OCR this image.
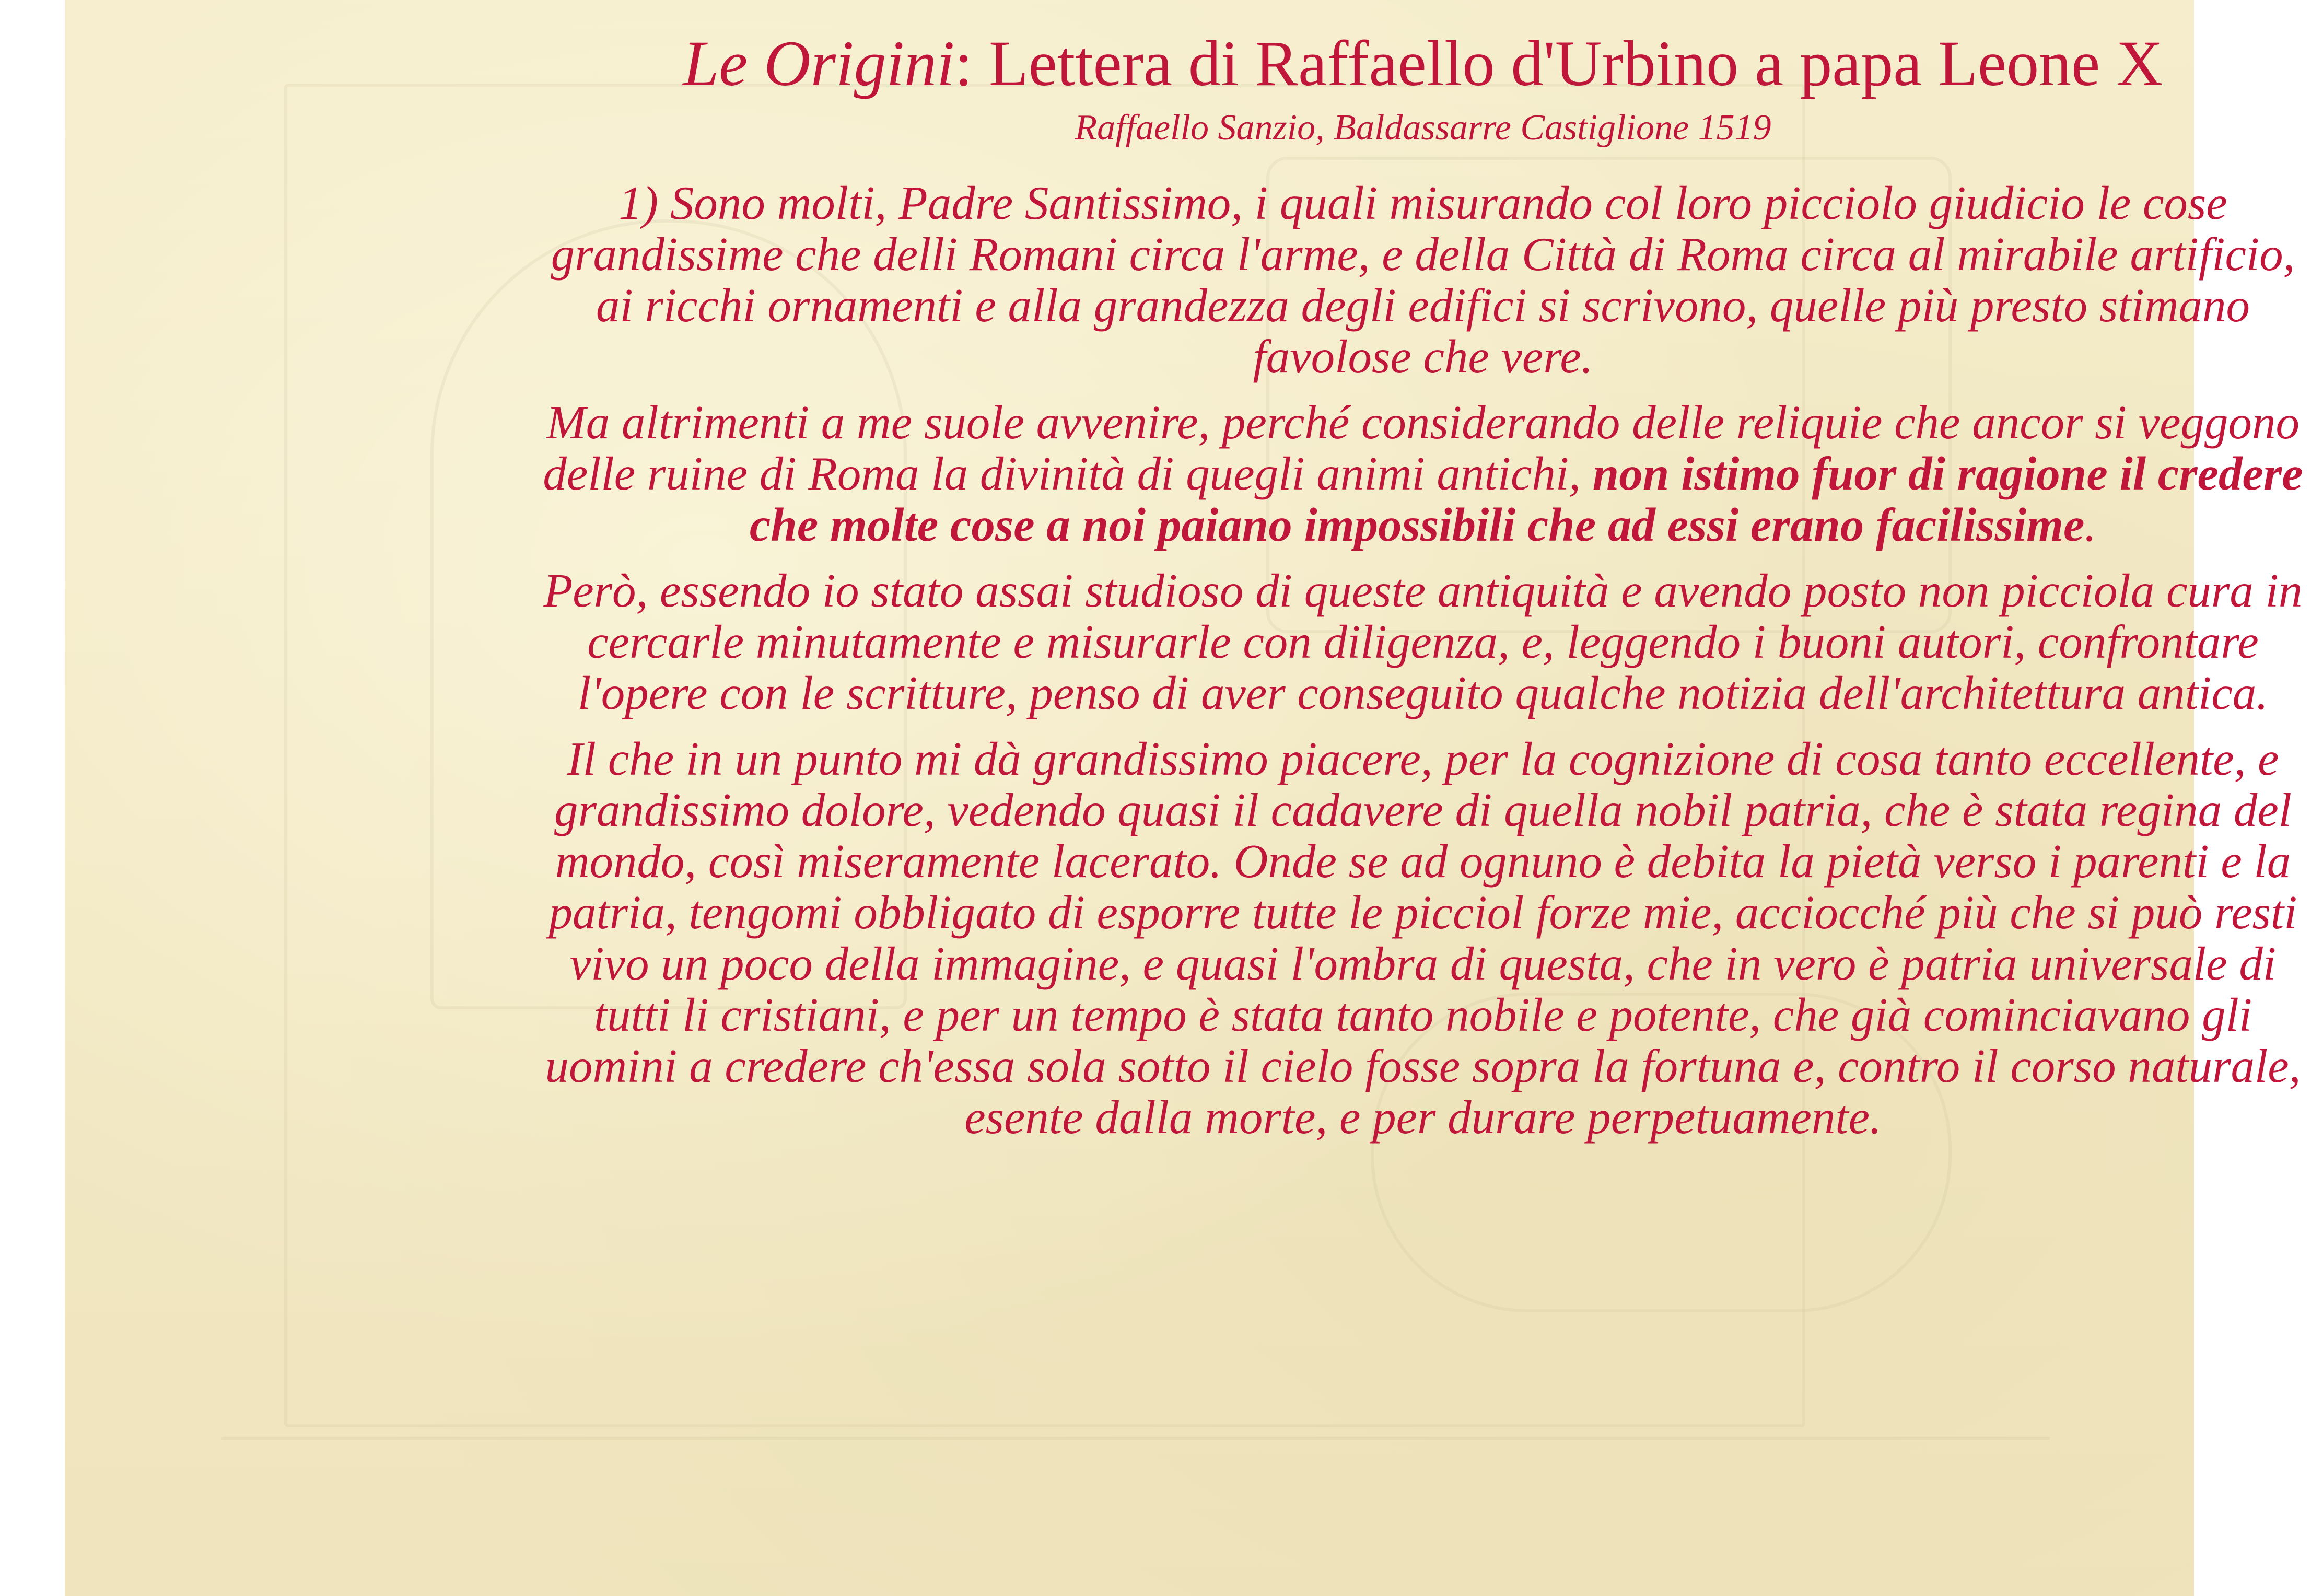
Le Origini: Lettera di Raffaello d'Urbino a papa Leone X
Raffaello Sanzio, Baldassarre Castiglione 1519

1) Sono molti, Padre Santissimo, i quali misurando col loro picciolo giudicio le cose grandissime che delli Romani circa l'arme, e della Città di Roma circa al mirabile artificio, ai ricchi ornamenti e alla grandezza degli edifici si scrivono, quelle più presto stimano favolose che vere.

Ma altrimenti a me suole avvenire, perché considerando delle reliquie che ancor si veggono delle ruine di Roma la divinità di quegli animi antichi, non istimo fuor di ragione il credere che molte cose a noi paiano impossibili che ad essi erano facilissime.

Però, essendo io stato assai studioso di queste antiquità e avendo posto non picciola cura in cercarle minutamente e misurarle con diligenza, e, leggendo i buoni autori, confrontare l'opere con le scritture, penso di aver conseguito qualche notizia dell'architettura antica.

Il che in un punto mi dà grandissimo piacere, per la cognizione di cosa tanto eccellente, e grandissimo dolore, vedendo quasi il cadavere di quella nobil patria, che è stata regina del mondo, così miseramente lacerato. Onde se ad ognuno è debita la pietà verso i parenti e la patria, tengomi obbligato di esporre tutte le picciol forze mie, acciocché più che si può resti vivo un poco della immagine, e quasi l'ombra di questa, che in vero è patria universale di tutti li cristiani, e per un tempo è stata tanto nobile e potente, che già cominciavano gli uomini a credere ch'essa sola sotto il cielo fosse sopra la fortuna e, contro il corso naturale, esente dalla morte, e per durare perpetuamente.
